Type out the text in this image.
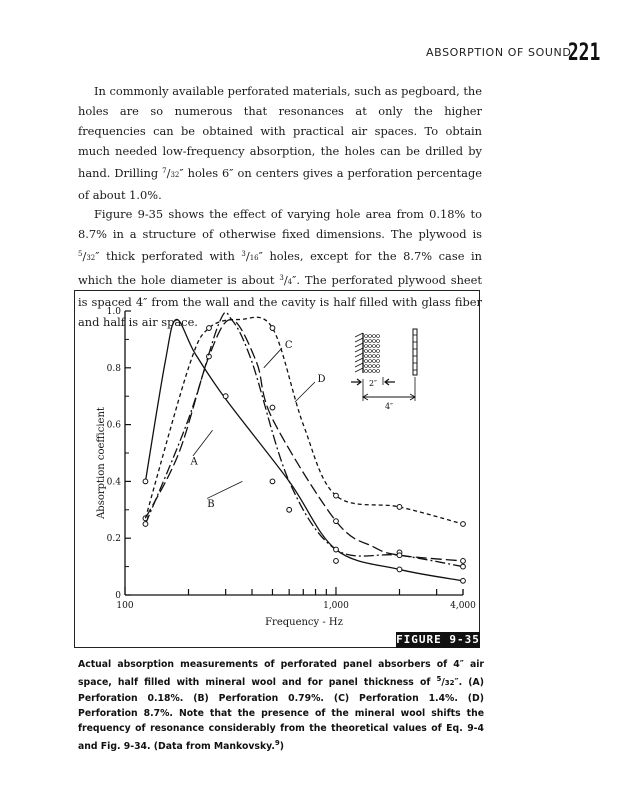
ABSORPTION OF SOUND
221

In commonly available perforated materials, such as pegboard, the holes are so numerous that resonances at only the higher frequencies can be obtained with practical air spaces. To obtain much needed low-frequency absorption, the holes can be drilled by hand. Drilling $^7$/32″ holes 6″ on centers gives a perforation percentage of about 1.0%.

Figure 9-35 shows the effect of varying hole area from 0.18% to 8.7% in a structure of otherwise fixed dimensions. The plywood is $^5$/32″ thick perforated with $^3$/16″ holes, except for the 8.7% case in which the hole diameter is about $^3$/4″. The perforated plywood sheet is spaced 4″ from the wall and the cavity is half filled with glass fiber and half is air space.

0
0.2
0.4
0.6
0.8
1.0
100	1,000	4,000
Frequency - Hz
Absorption coefficient	A
B
C
D	2″
4″
FIGURE 9-35
Actual absorption measurements of perforated panel absorbers of 4″ air space, half filled with mineral wool and for panel thickness of $^5$/32″. (A) Perforation 0.18%. (B) Perforation 0.79%. (C) Perforation 1.4%. (D) Perforation 8.7%. Note that the presence of the mineral wool shifts the frequency of resonance considerably from the theoretical values of Eq. 9-4 and Fig. 9-34. (Data from Mankovsky.$^9$)
